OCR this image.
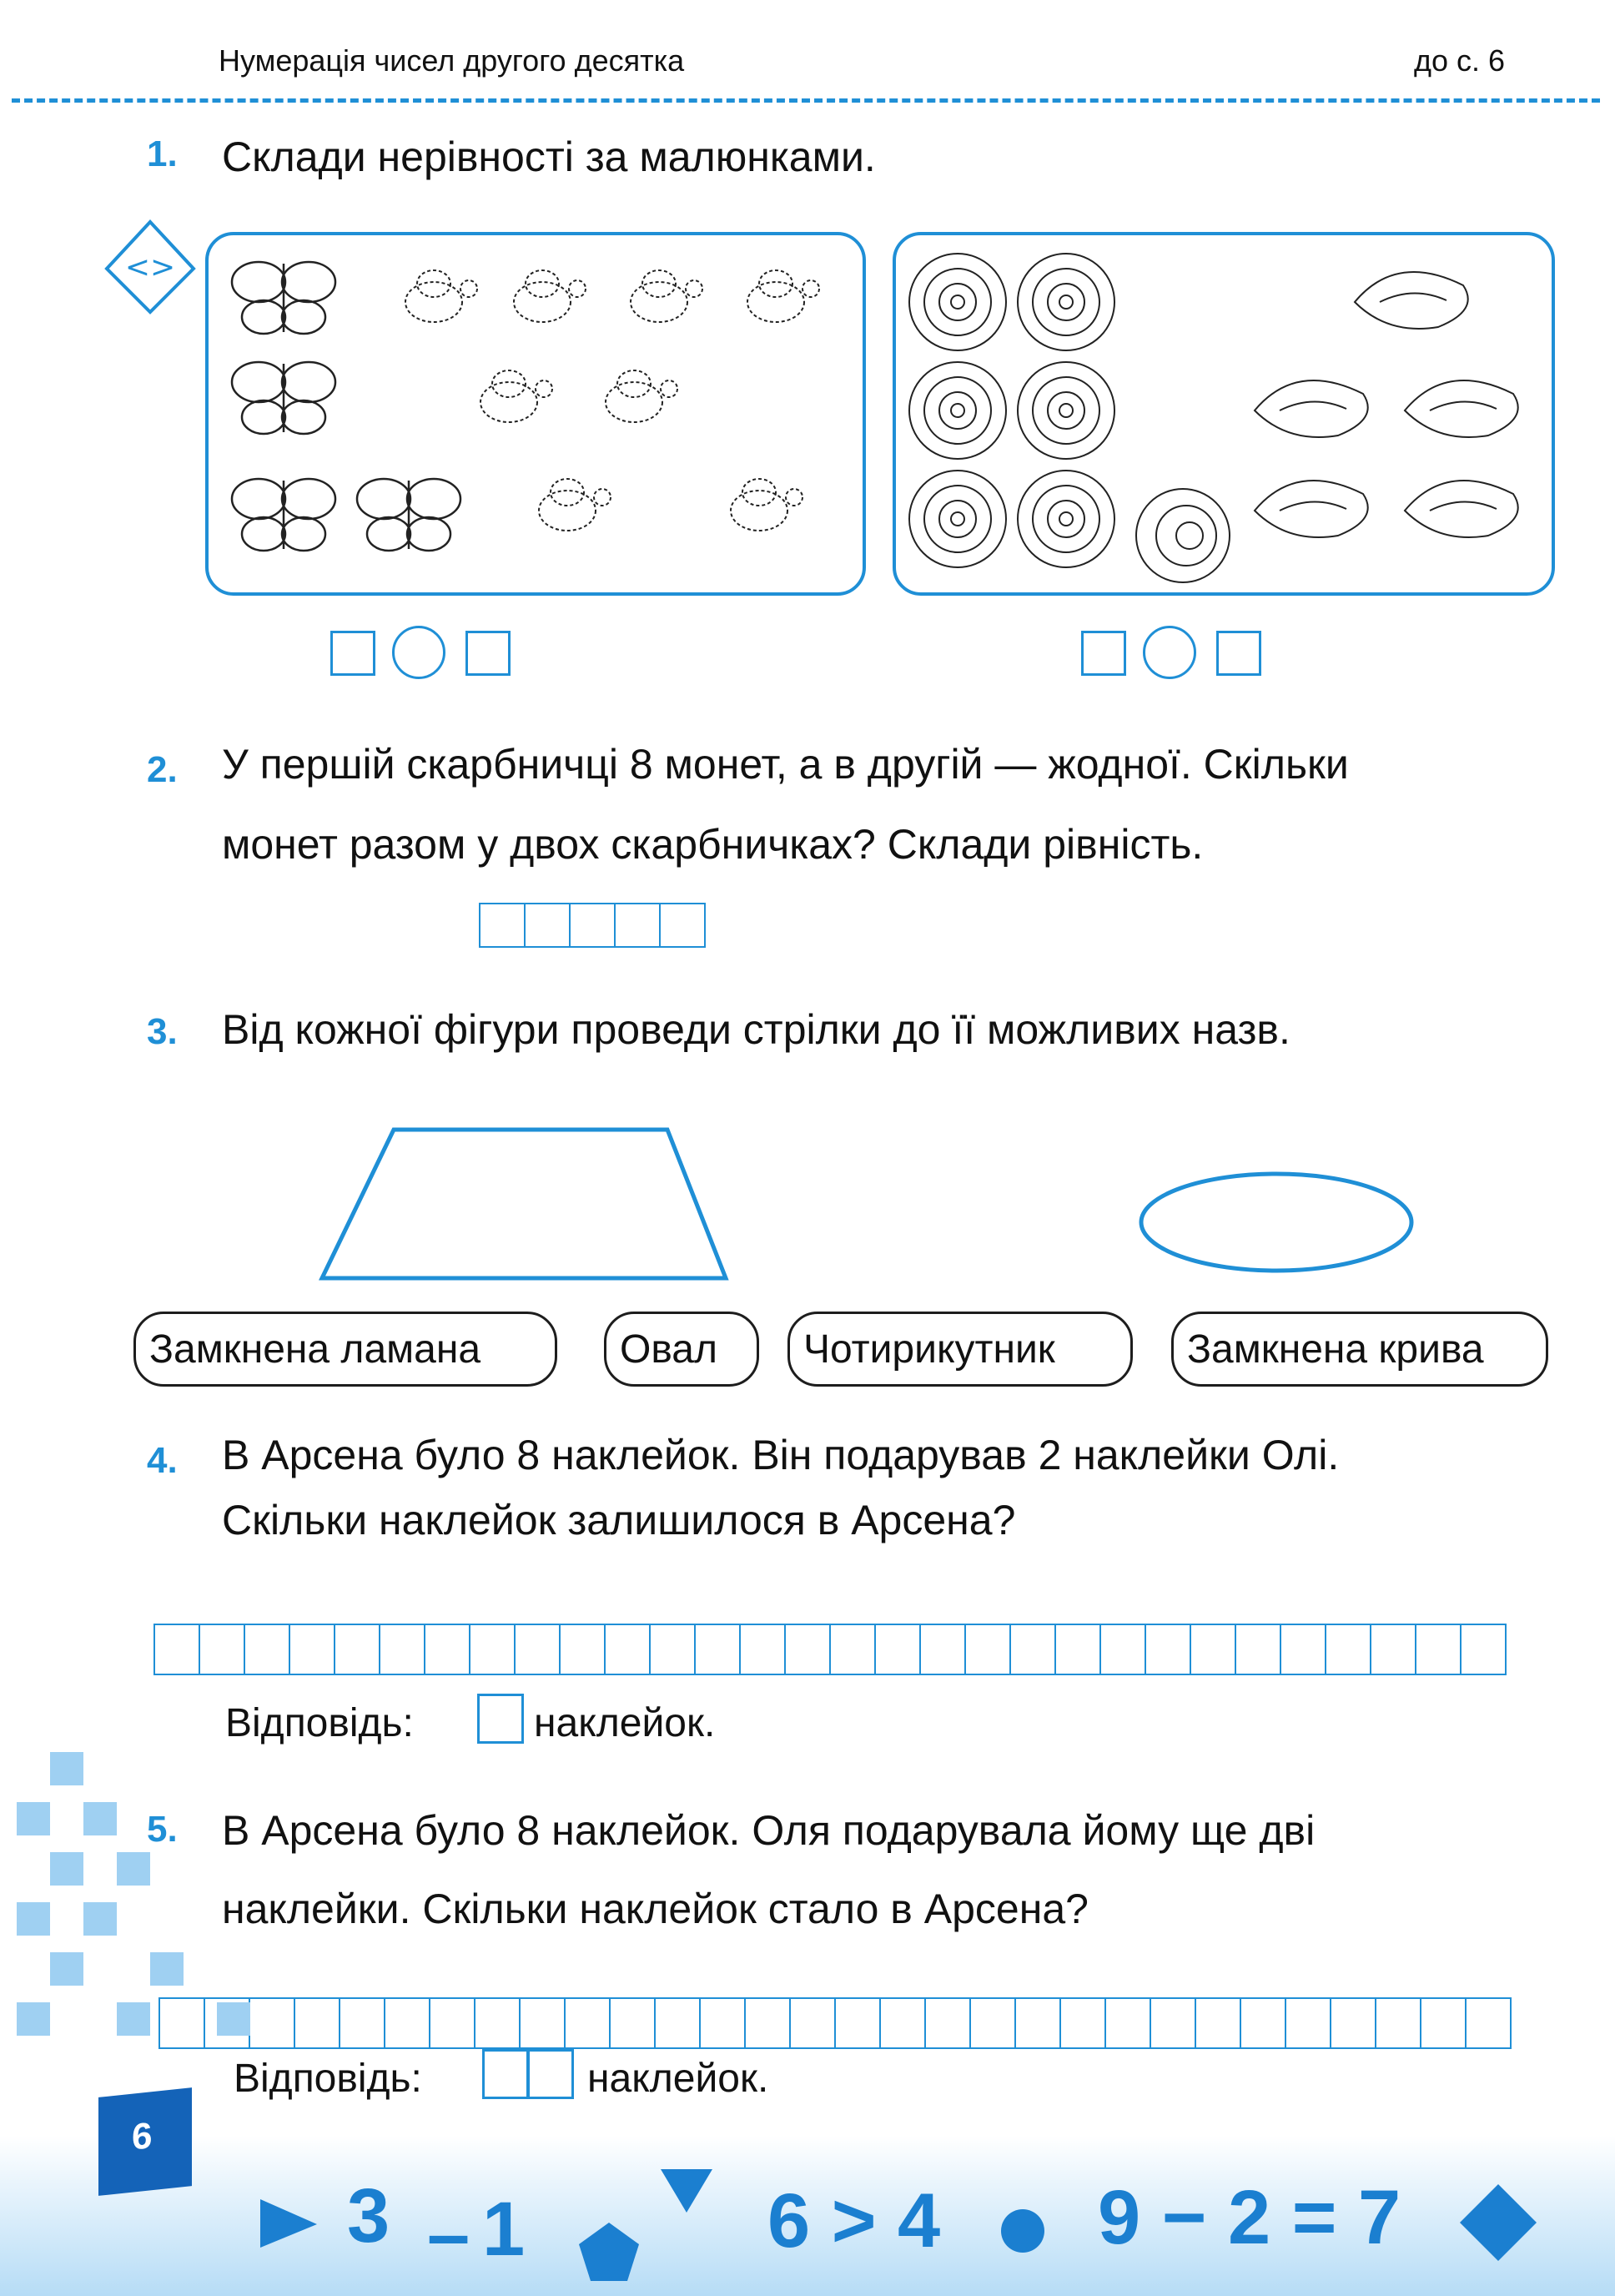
Нумерація чисел другого десятка	до с. 6
1. Склади нерівності за малюнками.
<>
2. У першій скарбничці 8 монет, а в другій — жодної. Скільки
монет разом у двох скарбничках? Склади рівність.
3. Від кожної фігури проведи стрілки до її можливих назв.
Замкнена ламана	Овал	Чотирикутник	Замкнена крива
4. В Арсена було 8 наклейок. Він подарував 2 наклейки Олі.
Скільки наклейок залишилося в Арсена?
Відповідь:	наклейок.
5. В Арсена було 8 наклейок. Оля подарувала йому ще дві
наклейки. Скільки наклейок стало в Арсена?
Відповідь:	наклейок.
6
3 – 1	6 > 4 9 − 2 = 7
